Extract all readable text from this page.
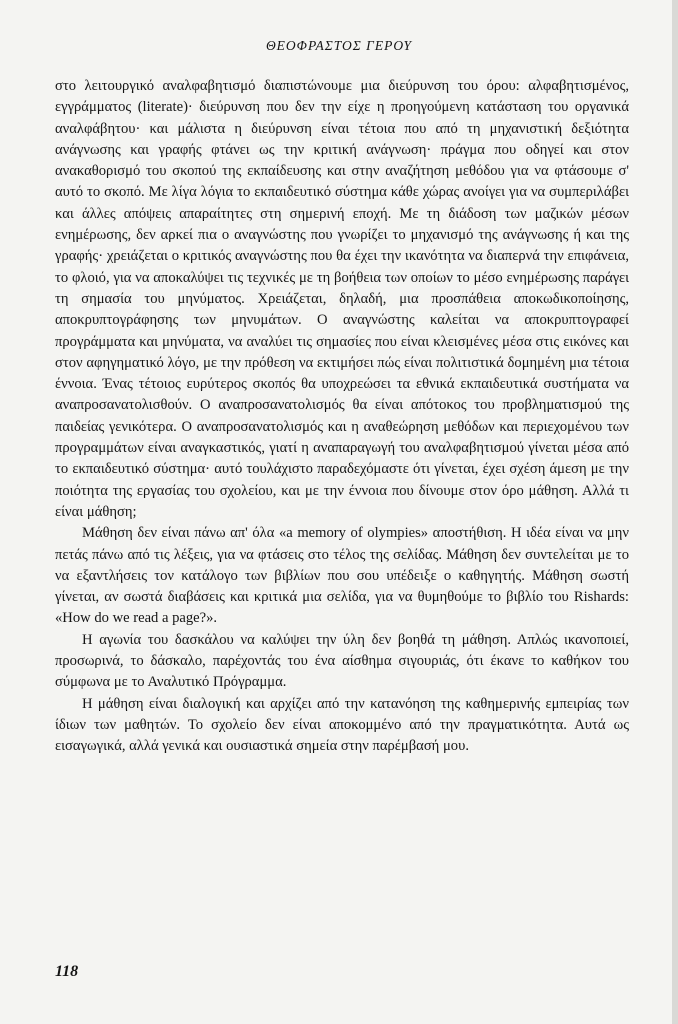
ΘΕΟΦΡΑΣΤΟΣ ΓΕΡΟΥ

στο λειτουργικό αναλφαβητισμό διαπιστώνουμε μια διεύρυνση του όρου: αλφαβητισμένος, εγγράμματος (literate)· διεύρυνση που δεν την είχε η προηγούμενη κατάσταση του οργανικά αναλφάβητου· και μάλιστα η διεύρυνση είναι τέτοια που από τη μηχανιστική δεξιότητα ανάγνωσης και γραφής φτάνει ως την κριτική ανάγνωση· πράγμα που οδηγεί και στον ανακαθορισμό του σκοπού της εκπαίδευσης και στην αναζήτηση μεθόδου για να φτάσουμε σ' αυτό το σκοπό. Με λίγα λόγια το εκπαιδευτικό σύστημα κάθε χώρας ανοίγει για να συμπεριλάβει και άλλες απόψεις απαραίτητες στη σημερινή εποχή. Με τη διάδοση των μαζικών μέσων ενημέρωσης, δεν αρκεί πια ο αναγνώστης που γνωρίζει το μηχανισμό της ανάγνωσης ή και της γραφής· χρειάζεται ο κριτικός αναγνώστης που θα έχει την ικανότητα να διαπερνά την επιφάνεια, το φλοιό, για να αποκαλύψει τις τεχνικές με τη βοήθεια των οποίων το μέσο ενημέρωσης παράγει τη σημασία του μηνύματος. Χρειάζεται, δηλαδή, μια προσπάθεια αποκωδικοποίησης, αποκρυπτογράφησης των μηνυμάτων. Ο αναγνώστης καλείται να αποκρυπτογραφεί προγράμματα και μηνύματα, να αναλύει τις σημασίες που είναι κλεισμένες μέσα στις εικόνες και στον αφηγηματικό λόγο, με την πρόθεση να εκτιμήσει πώς είναι πολιτιστικά δομημένη μια τέτοια έννοια. Ένας τέτοιος ευρύτερος σκοπός θα υποχρεώσει τα εθνικά εκπαιδευτικά συστήματα να αναπροσανατολισθούν. Ο αναπροσανατολισμός θα είναι απότοκος του προβληματισμού της παιδείας γενικότερα. Ο αναπροσανατολισμός και η αναθεώρηση μεθόδων και περιεχομένου των προγραμμάτων είναι αναγκαστικός, γιατί η αναπαραγωγή του αναλφαβητισμού γίνεται μέσα από το εκπαιδευτικό σύστημα· αυτό τουλάχιστο παραδεχόμαστε ότι γίνεται, έχει σχέση άμεση με την ποιότητα της εργασίας του σχολείου, και με την έννοια που δίνουμε στον όρο μάθηση. Αλλά τι είναι μάθηση;

Μάθηση δεν είναι πάνω απ' όλα «a memory of olympies» αποστήθιση. Η ιδέα είναι να μην πετάς πάνω από τις λέξεις, για να φτάσεις στο τέλος της σελίδας. Μάθηση δεν συντελείται με το να εξαντλήσεις τον κατάλογο των βιβλίων που σου υπέδειξε ο καθηγητής. Μάθηση σωστή γίνεται, αν σωστά διαβάσεις και κριτικά μια σελίδα, για να θυμηθούμε το βιβλίο του Rishards: «How do we read a page?».

Η αγωνία του δασκάλου να καλύψει την ύλη δεν βοηθά τη μάθηση. Απλώς ικανοποιεί, προσωρινά, το δάσκαλο, παρέχοντάς του ένα αίσθημα σιγουριάς, ότι έκανε το καθήκον του σύμφωνα με το Αναλυτικό Πρόγραμμα.

Η μάθηση είναι διαλογική και αρχίζει από την κατανόηση της καθημερινής εμπειρίας των ίδιων των μαθητών. Το σχολείο δεν είναι αποκομμένο από την πραγματικότητα. Αυτά ως εισαγωγικά, αλλά γενικά και ουσιαστικά σημεία στην παρέμβασή μου.

118
